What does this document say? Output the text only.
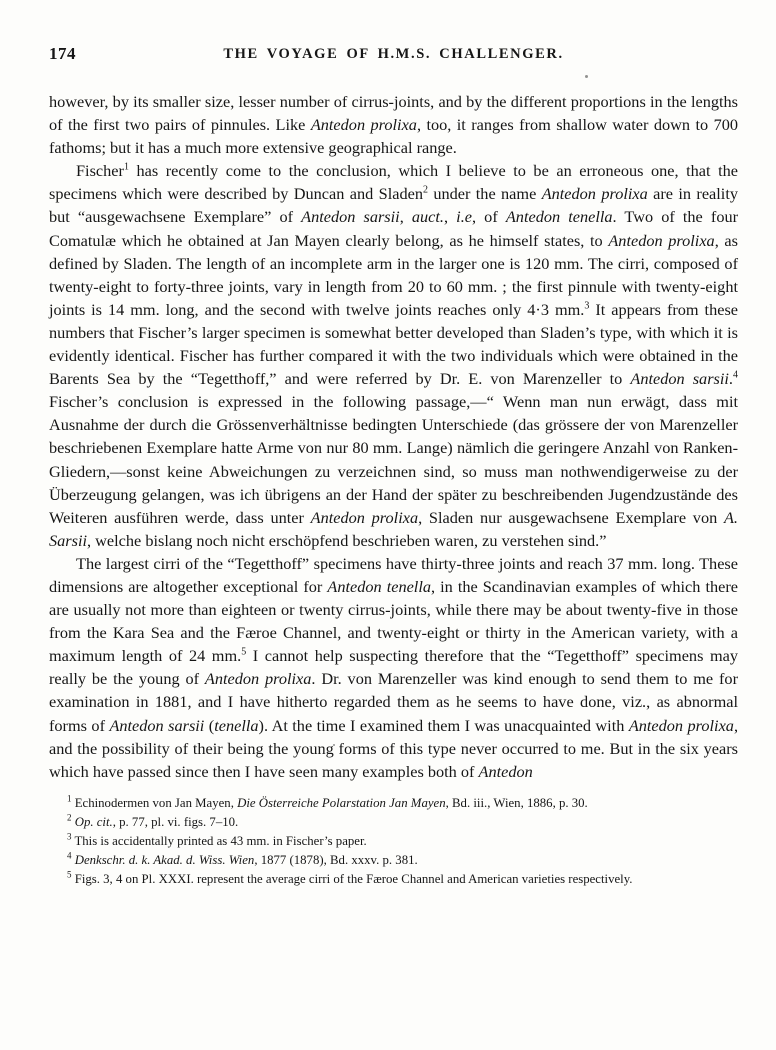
174	THE VOYAGE OF H.M.S. CHALLENGER.

however, by its smaller size, lesser number of cirrus-joints, and by the different proportions in the lengths of the first two pairs of pinnules. Like Antedon prolixa, too, it ranges from shallow water down to 700 fathoms; but it has a much more extensive geographical range.

Fischer$^1$ has recently come to the conclusion, which I believe to be an erroneous one, that the specimens which were described by Duncan and Sladen$^2$ under the name Antedon prolixa are in reality but “ausgewachsene Exemplare” of Antedon sarsii, auct., i.e, of Antedon tenella. Two of the four Comatulæ which he obtained at Jan Mayen clearly belong, as he himself states, to Antedon prolixa, as defined by Sladen. The length of an incomplete arm in the larger one is 120 mm. The cirri, composed of twenty-eight to forty-three joints, vary in length from 20 to 60 mm. ; the first pinnule with twenty-eight joints is 14 mm. long, and the second with twelve joints reaches only 4·3 mm.$^3$ It appears from these numbers that Fischer’s larger specimen is somewhat better developed than Sladen’s type, with which it is evidently identical. Fischer has further compared it with the two individuals which were obtained in the Barents Sea by the “Tegetthoff,” and were referred by Dr. E. von Marenzeller to Antedon sarsii.$^4$ Fischer’s conclusion is expressed in the following passage,—“ Wenn man nun erwägt, dass mit Ausnahme der durch die Grössenverhältnisse bedingten Unterschiede (das grössere der von Marenzeller beschriebenen Exemplare hatte Arme von nur 80 mm. Lange) nämlich die geringere Anzahl von Ranken-Gliedern,—sonst keine Abweichungen zu verzeichnen sind, so muss man nothwendigerweise zu der Überzeugung gelangen, was ich übrigens an der Hand der später zu beschreibenden Jugendzustände des Weiteren ausführen werde, dass unter Antedon prolixa, Sladen nur ausgewachsene Exemplare von A. Sarsii, welche bislang noch nicht erschöpfend beschrieben waren, zu verstehen sind.”

The largest cirri of the “Tegetthoff” specimens have thirty-three joints and reach 37 mm. long. These dimensions are altogether exceptional for Antedon tenella, in the Scandinavian examples of which there are usually not more than eighteen or twenty cirrus-joints, while there may be about twenty-five in those from the Kara Sea and the Færoe Channel, and twenty-eight or thirty in the American variety, with a maximum length of 24 mm.$^5$ I cannot help suspecting therefore that the “Tegetthoff” specimens may really be the young of Antedon prolixa. Dr. von Marenzeller was kind enough to send them to me for examination in 1881, and I have hitherto regarded them as he seems to have done, viz., as abnormal forms of Antedon sarsii (tenella). At the time I examined them I was unacquainted with Antedon prolixa, and the possibility of their being the young forms of this type never occurred to me. But in the six years which have passed since then I have seen many examples both of Antedon

$^1$ Echinodermen von Jan Mayen, Die Österreiche Polarstation Jan Mayen, Bd. iii., Wien, 1886, p. 30.

$^2$ Op. cit., p. 77, pl. vi. figs. 7–10.

$^3$ This is accidentally printed as 43 mm. in Fischer’s paper.

$^4$ Denkschr. d. k. Akad. d. Wiss. Wien, 1877 (1878), Bd. xxxv. p. 381.

$^5$ Figs. 3, 4 on Pl. XXXI. represent the average cirri of the Færoe Channel and American varieties respectively.
